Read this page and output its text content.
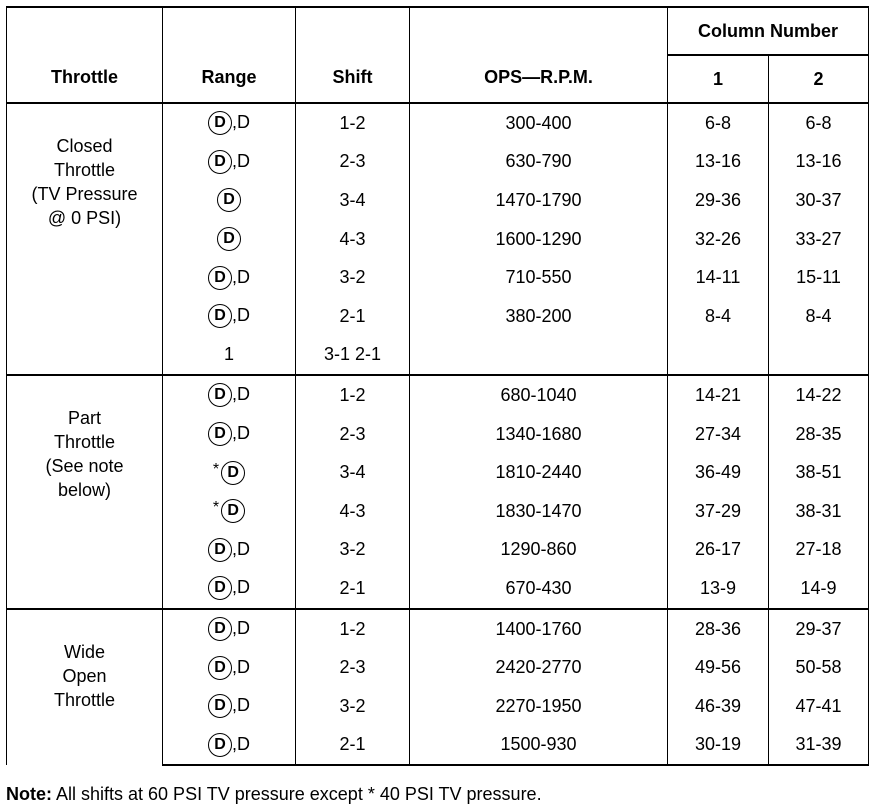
Throttle	Range	Shift	OPS—R.P.M.	Column Number	
				1	2

Closed
Throttle
(TV Pressure
@ 0 PSI)	D ,D	1-2	300-400	6-8	6-8
	D ,D	2-3	630-790	13-16	13-16
	D	3-4	1470-1790	29-36	30-37
	D	4-3	1600-1290	32-26	33-27
	D ,D	3-2	710-550	14-11	15-11
	D ,D	2-1	380-200	8-4	8-4
	1	3-1 2-1			

Part
Throttle
(See note
below)	D ,D	1-2	680-1040	14-21	14-22
	D ,D	2-3	1340-1680	27-34	28-35
	* D	3-4	1810-2440	36-49	38-51
	* D	4-3	1830-1470	37-29	38-31
	D ,D	3-2	1290-860	26-17	27-18
	D ,D	2-1	670-430	13-9	14-9

Wide
Open
Throttle	D ,D	1-2	1400-1760	28-36	29-37
	D ,D	2-3	2420-2770	49-56	50-58
	D ,D	3-2	2270-1950	46-39	47-41
	D ,D	2-1	1500-930	30-19	31-39
Note: All shifts at 60 PSI TV pressure except * 40 PSI TV pressure.
